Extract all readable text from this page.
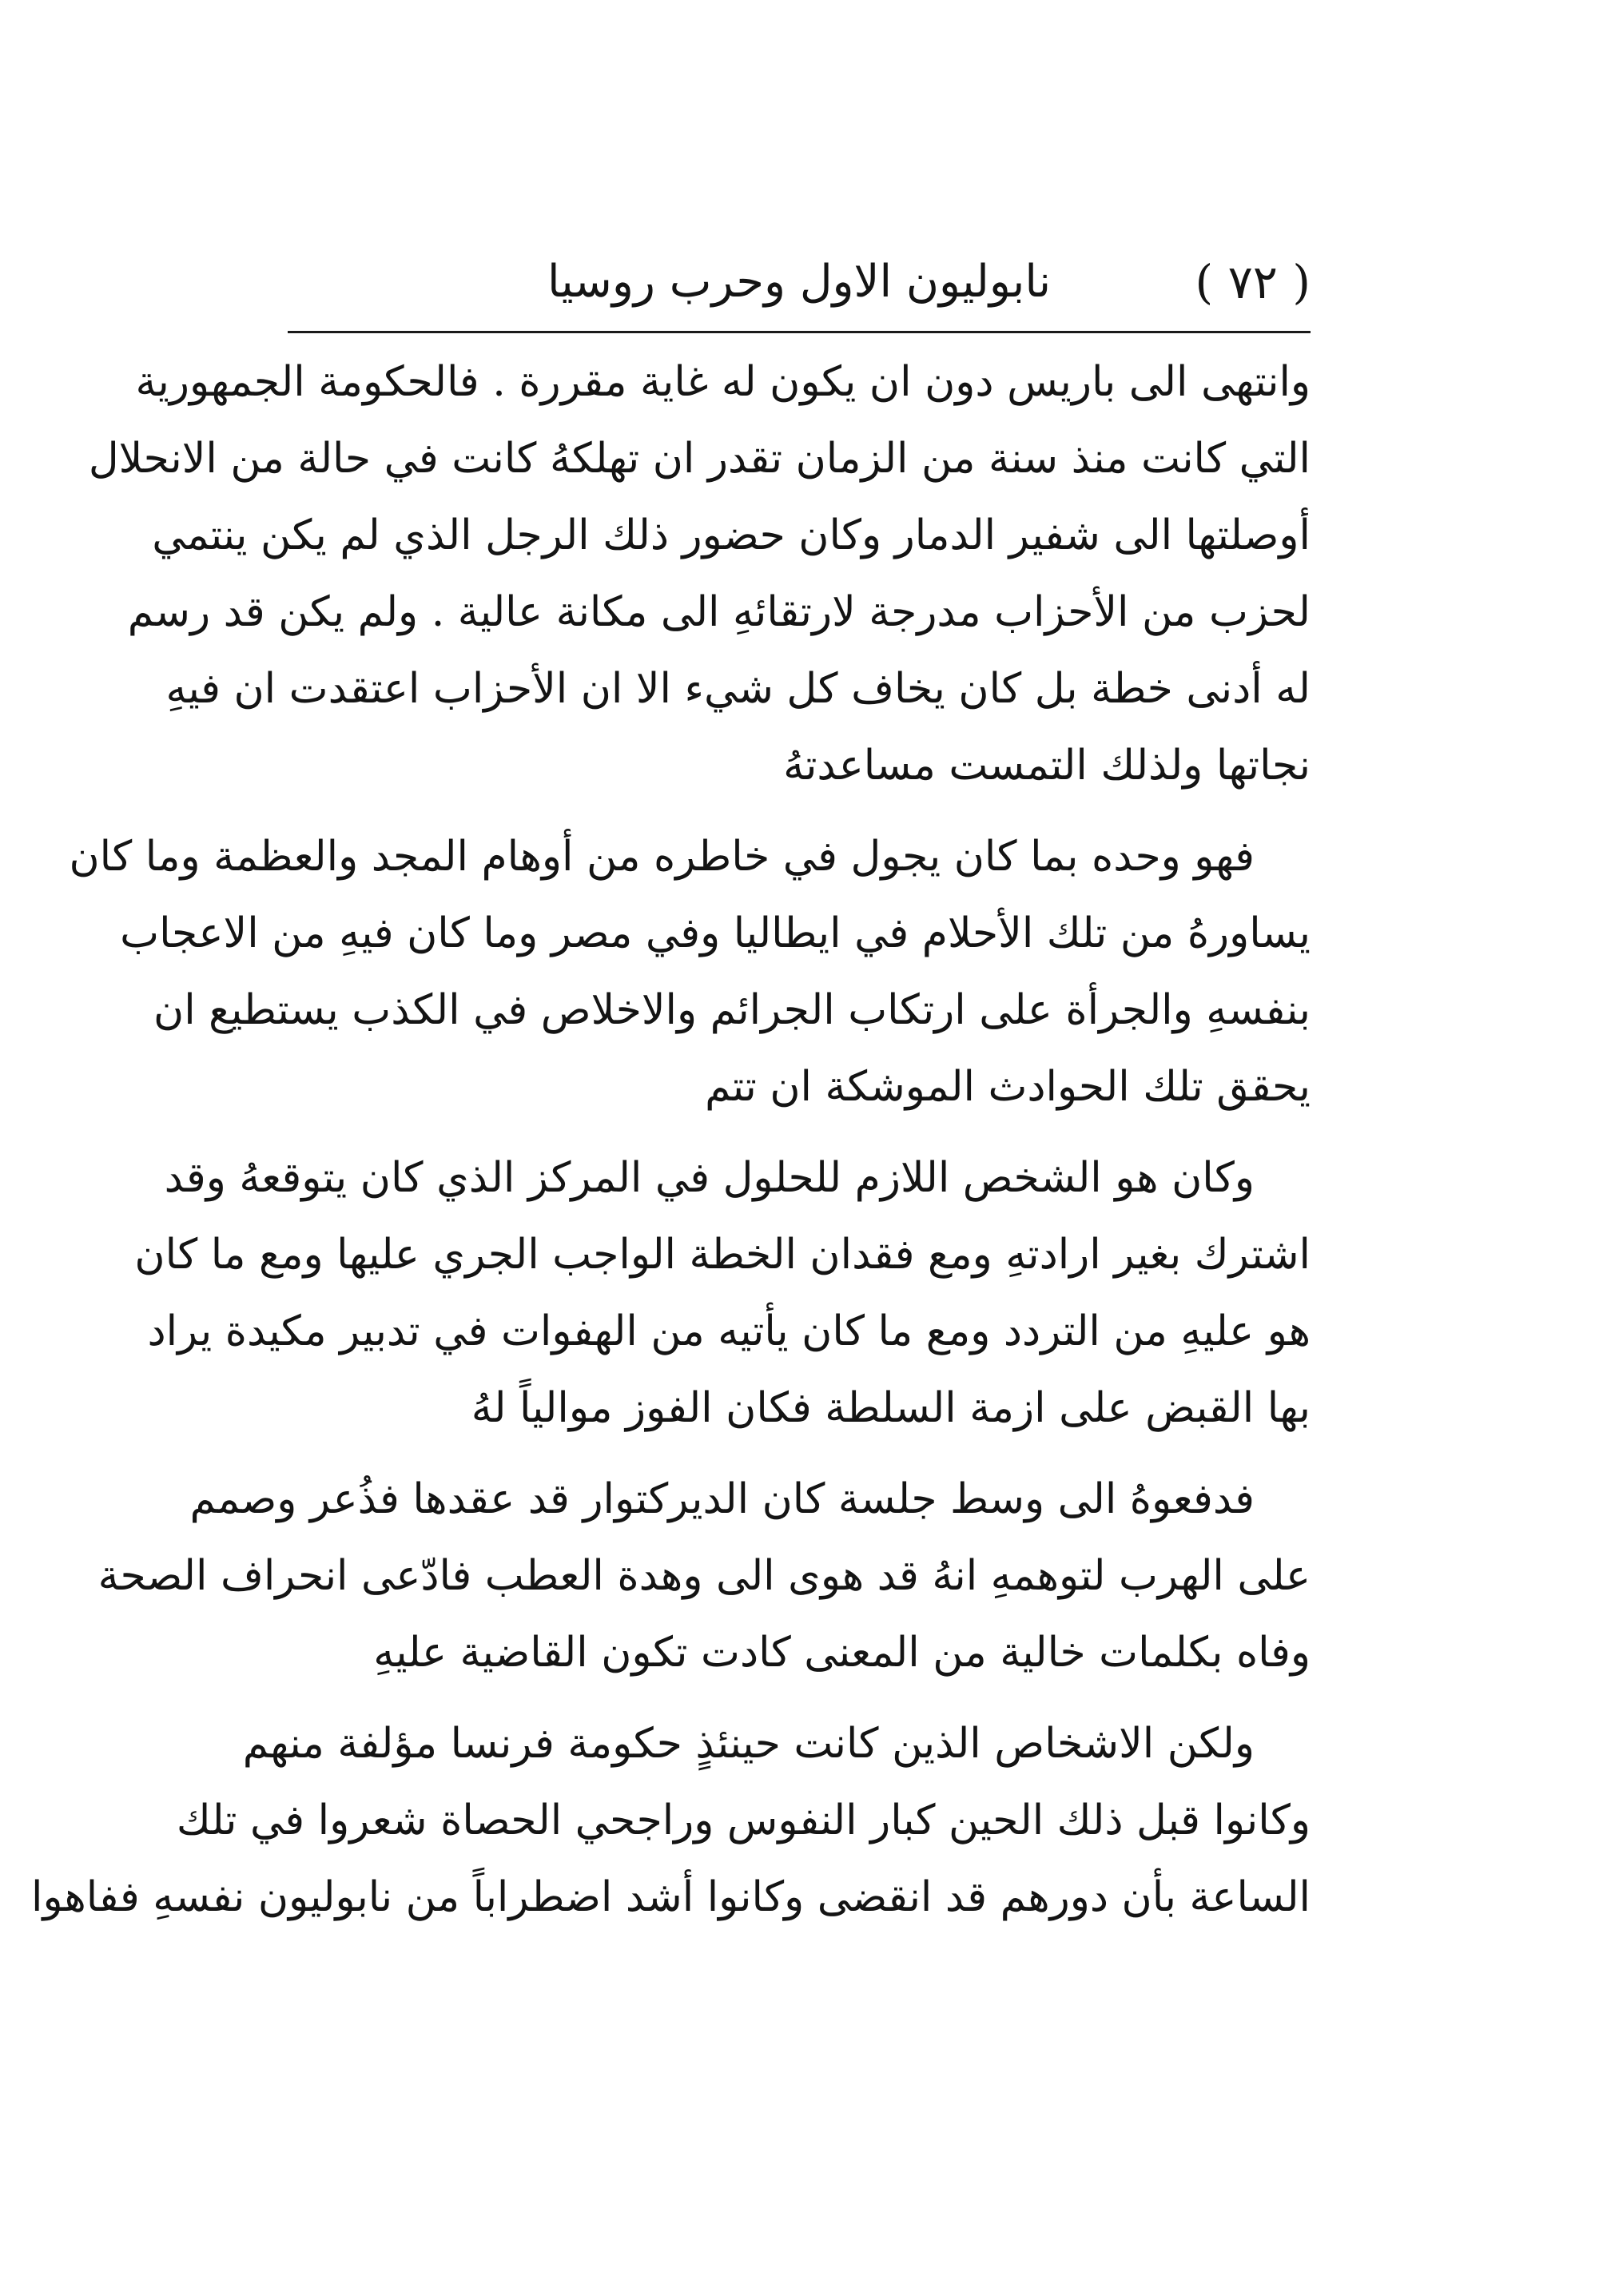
( ٧٢ )
نابوليون الاول وحرب روسيا
وانتهى الى باريس دون ان يكون له غاية مقررة . فالحكومة الجمهورية
التي كانت منذ سنة من الزمان تقدر ان تهلكهُ كانت في حالة من الانحلال
أوصلتها الى شفير الدمار وكان حضور ذلك الرجل الذي لم يكن ينتمي
لحزب من الأحزاب مدرجة لارتقائهِ الى مكانة عالية . ولم يكن قد رسم
له أدنى خطة بل كان يخاف كل شيء الا ان الأحزاب اعتقدت ان فيهِ
نجاتها ولذلك التمست مساعدتهُ
فهو وحده بما كان يجول في خاطره من أوهام المجد والعظمة وما كان
يساورهُ من تلك الأحلام في ايطاليا وفي مصر وما كان فيهِ من الاعجاب
بنفسهِ والجرأة على ارتكاب الجرائم والاخلاص في الكذب يستطيع ان
يحقق تلك الحوادث الموشكة ان تتم
وكان هو الشخص اللازم للحلول في المركز الذي كان يتوقعهُ وقد
اشترك بغير ارادتهِ ومع فقدان الخطة الواجب الجري عليها ومع ما كان
هو عليهِ من التردد ومع ما كان يأتيه من الهفوات في تدبير مكيدة يراد
بها القبض على ازمة السلطة فكان الفوز موالياً لهُ
فدفعوهُ الى وسط جلسة كان الديركتوار قد عقدها فذُعر وصمم
على الهرب لتوهمهِ انهُ قد هوى الى وهدة العطب فادّعى انحراف الصحة
وفاه بكلمات خالية من المعنى كادت تكون القاضية عليهِ
ولكن الاشخاص الذين كانت حينئذٍ حكومة فرنسا مؤلفة منهم
وكانوا قبل ذلك الحين كبار النفوس وراجحي الحصاة شعروا في تلك
الساعة بأن دورهم قد انقضى وكانوا أشد اضطراباً من نابوليون نفسهِ ففاهوا
